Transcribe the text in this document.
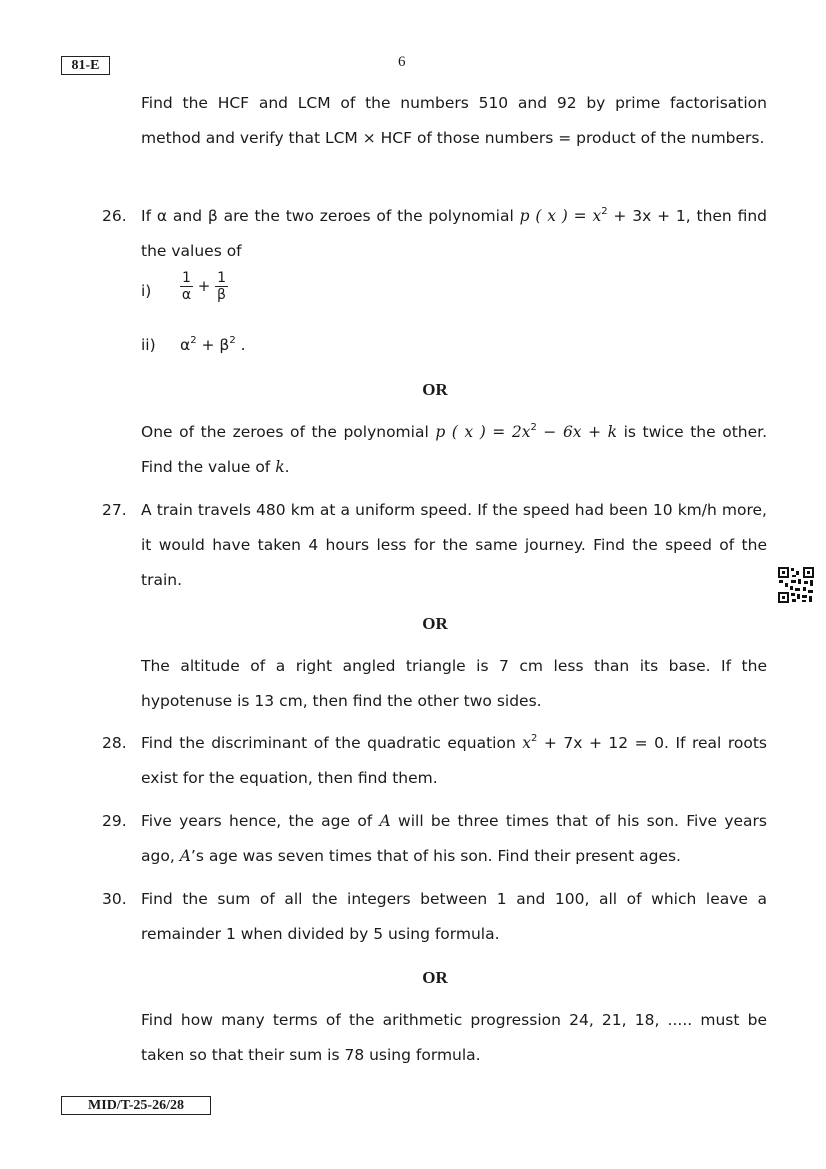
81-E	6
Find the HCF and LCM of the numbers 510 and 92 by prime factorisation method and verify that LCM × HCF of those numbers = product of the numbers.
26. If α and β are the two zeroes of the polynomial p ( x ) = $x^2 + 3x + 1$, then find the values of
$i) \frac{1}{\alpha} + \frac{1}{\beta}$
ii) $\alpha^2 + \beta^2$ .
OR
One of the zeroes of the polynomial p ( x ) = $2x^2 - 6x + k$ is twice the other. Find the value of k.
27. A train travels 480 km at a uniform speed. If the speed had been 10 km/h more, it would have taken 4 hours less for the same journey. Find the speed of the train.
OR
The altitude of a right angled triangle is 7 cm less than its base. If the hypotenuse is 13 cm, then find the other two sides.
28. Find the discriminant of the quadratic equation $x^2 + 7x + 12 = 0$. If real roots exist for the equation, then find them.
29. Five years hence, the age of A will be three times that of his son. Five years ago, A’s age was seven times that of his son. Find their present ages.
30. Find the sum of all the integers between 1 and 100, all of which leave a remainder 1 when divided by 5 using formula.
OR
Find how many terms of the arithmetic progression 24, 21, 18, ..... must be taken so that their sum is 78 using formula.
MID/T-25-26/28
